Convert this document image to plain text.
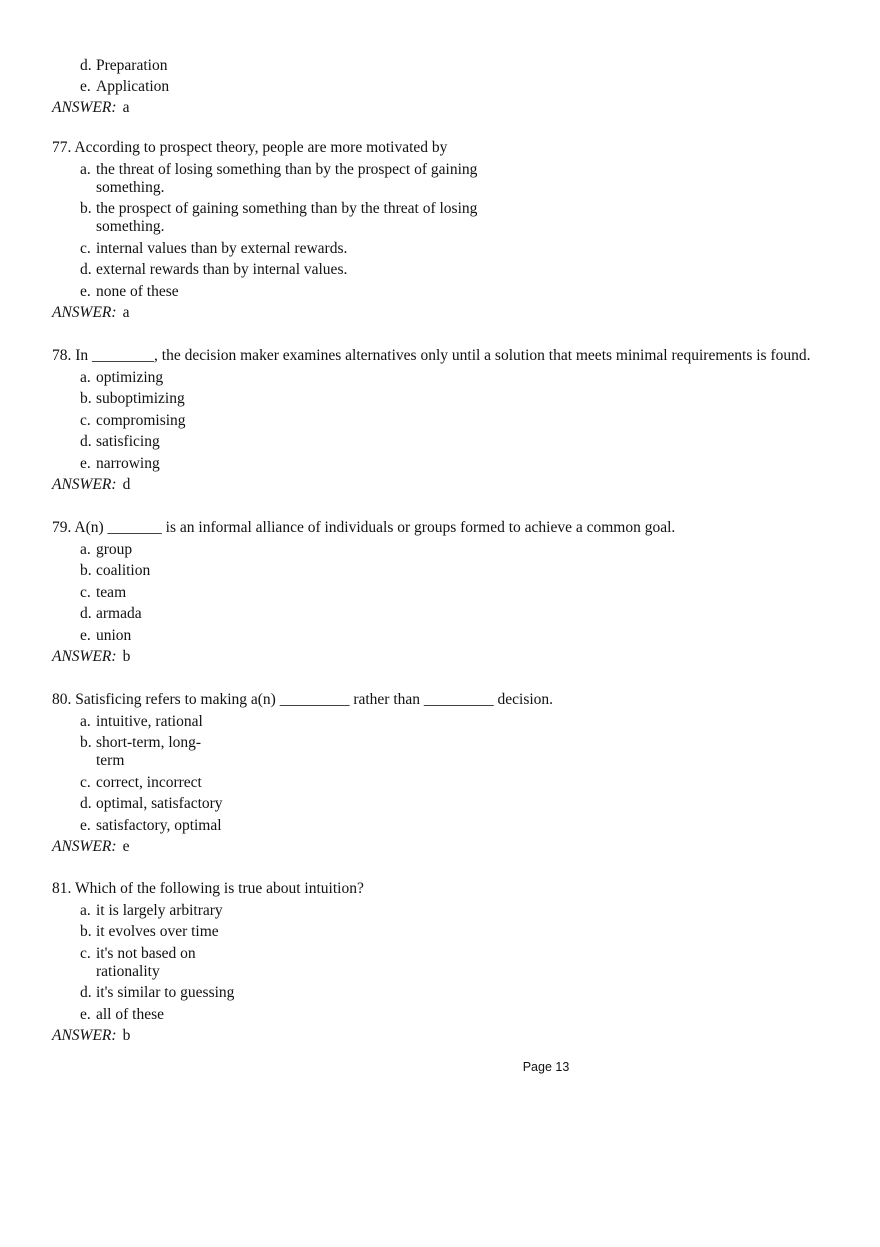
d. Preparation
e. Application
ANSWER: a
77. According to prospect theory, people are more motivated by
a. the threat of losing something than by the prospect of gaining
something.
b. the prospect of gaining something than by the threat of losing
something.
c. internal values than by external rewards.
d. external rewards than by internal values.
e. none of these
ANSWER: a
78. In ________, the decision maker examines alternatives only until a solution that meets minimal requirements is found.
a. optimizing
b. suboptimizing
c. compromising
d. satisficing
e. narrowing
ANSWER: d
79. A(n) _______ is an informal alliance of individuals or groups formed to achieve a common goal.
a. group
b. coalition
c. team
d. armada
e. union
ANSWER: b
80. Satisficing refers to making a(n) _________ rather than _________ decision.
a. intuitive, rational
b. short-term, long-
term
c. correct, incorrect
d. optimal, satisfactory
e. satisfactory, optimal
ANSWER: e
81. Which of the following is true about intuition?
a. it is largely arbitrary
b. it evolves over time
c. it's not based on
rationality
d. it's similar to guessing
e. all of these
ANSWER: b
Page 13
